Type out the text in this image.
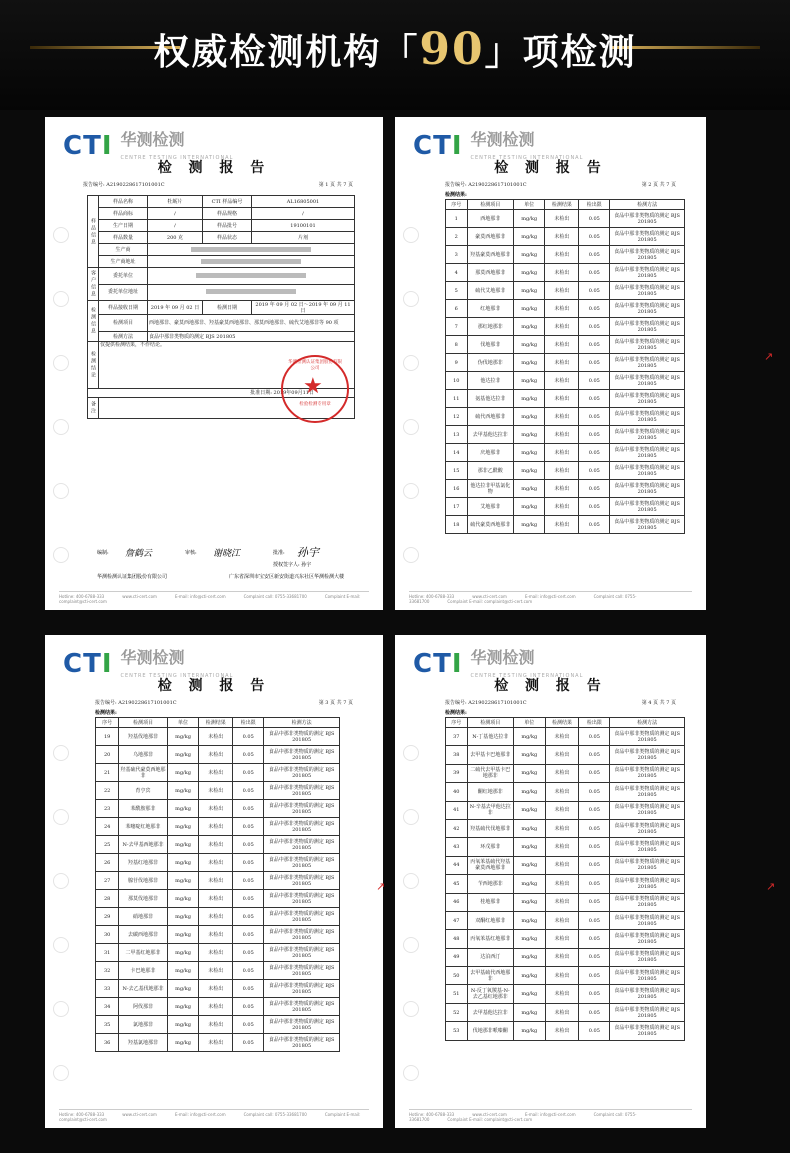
权威检测机构「90」项检测
CTI 华测检测
CENTRE TESTING INTERNATIONAL
检 测 报 告
报告编号: A2190228617101001C	第 1 页 共 7 页
样品信息	样品名称	牡蛎片	CTI 样品编号	AL16805001
	样品商标	/	样品规格	/
	生产日期	/	样品批号	19100101
	样品数量	200 克	样品状态	片剂
	生产商			
	生产商地址			
客户信息	委托单位			
	委托单位地址			
检测信息	样品接收日期	2019 年 09 月 02 日	检测日期	2019 年 09 月 02 日～2019 年 09 月 11 日
	检测项目	西地那非、豪莫西地那非、羟基豪莫西地那非、那莫西地那非、硫代艾地那非等 90 项		
	检测方法	食品中那非类物质的测定 BJS 201805		
检测结论	仅提供检测结果，不作结论。			
批准日期: 2019年09月11日				
备注				
华测检测认证集团股份有限公司
★
检验检测专用章
编制: 詹鹤云	审核: 谢晓江	批准: 孙宇
授权签字人: 孙宇
华测检测认证集团股份有限公司	广东省深圳市宝安区新安街道兴东社区华测检测大楼
Hotline: 400-6788-333	www.cti-cert.com	E-mail: info@cti-cert.com	Complaint call: 0755-33681700	Complaint E-mail: complaint@cti-cert.com
CTI 华测检测
CENTRE TESTING INTERNATIONAL
检 测 报 告
报告编号: A2190228617101001C	第 2 页 共 7 页
检测结果:
Hotline: 400-6788-333	www.cti-cert.com	E-mail: info@cti-cert.com	Complaint call: 0755-33681700	Complaint E-mail: complaint@cti-cert.com
序号	检测项目	单位	检测结果	检出限	检测方法
1	西地那非	mg/kg	未检出	0.05	食品中那非类物质的测定 BJS 201805
2	豪莫西地那非	mg/kg	未检出	0.05	食品中那非类物质的测定 BJS 201805
3	羟基豪莫西地那非	mg/kg	未检出	0.05	食品中那非类物质的测定 BJS 201805
4	那莫西地那非	mg/kg	未检出	0.05	食品中那非类物质的测定 BJS 201805
5	硫代艾地那非	mg/kg	未检出	0.05	食品中那非类物质的测定 BJS 201805
6	红地那非	mg/kg	未检出	0.05	食品中那非类物质的测定 BJS 201805
7	那红地那非	mg/kg	未检出	0.05	食品中那非类物质的测定 BJS 201805
8	伐地那非	mg/kg	未检出	0.05	食品中那非类物质的测定 BJS 201805
9	伪伐地那非	mg/kg	未检出	0.05	食品中那非类物质的测定 BJS 201805
10	他达拉非	mg/kg	未检出	0.05	食品中那非类物质的测定 BJS 201805
11	氨基他达拉非	mg/kg	未检出	0.05	食品中那非类物质的测定 BJS 201805
12	硫代西地那非	mg/kg	未检出	0.05	食品中那非类物质的测定 BJS 201805
13	去甲基他达拉非	mg/kg	未检出	0.05	食品中那非类物质的测定 BJS 201805
14	庆地那非	mg/kg	未检出	0.05	食品中那非类物质的测定 BJS 201805
15	那非乙酰酸	mg/kg	未检出	0.05	食品中那非类物质的测定 BJS 201805
16	他达拉非甲基氯化物	mg/kg	未检出	0.05	食品中那非类物质的测定 BJS 201805
17	艾地那非	mg/kg	未检出	0.05	食品中那非类物质的测定 BJS 201805
18	硫代豪莫西地那非	mg/kg	未检出	0.05	食品中那非类物质的测定 BJS 201805
CTI 华测检测
CENTRE TESTING INTERNATIONAL
检 测 报 告
报告编号: A2190228617101001C	第 3 页 共 7 页
检测结果:
Hotline: 400-6788-333	www.cti-cert.com	E-mail: info@cti-cert.com	Complaint call: 0755-33681700	Complaint E-mail: complaint@cti-cert.com
序号	检测项目	单位	检测结果	检出限	检测方法
19	羟基伐地那非	mg/kg	未检出	0.05	食品中那非类物质的测定 BJS 201805
20	乌地那非	mg/kg	未检出	0.05	食品中那非类物质的测定 BJS 201805
21	羟基硫代豪莫西地那非	mg/kg	未检出	0.05	食品中那非类物质的测定 BJS 201805
22	育亨宾	mg/kg	未检出	0.05	食品中那非类物质的测定 BJS 201805
23	苯酰胺那非	mg/kg	未检出	0.05	食品中那非类物质的测定 BJS 201805
24	苯噻啶红地那非	mg/kg	未检出	0.05	食品中那非类物质的测定 BJS 201805
25	N-去甲基西地那非	mg/kg	未检出	0.05	食品中那非类物质的测定 BJS 201805
26	羟基红地那非	mg/kg	未检出	0.05	食品中那非类物质的测定 BJS 201805
27	腺苷伐地那非	mg/kg	未检出	0.05	食品中那非类物质的测定 BJS 201805
28	那莫伐地那非	mg/kg	未检出	0.05	食品中那非类物质的测定 BJS 201805
29	硝地那非	mg/kg	未检出	0.05	食品中那非类物质的测定 BJS 201805
30	去碳西地那非	mg/kg	未检出	0.05	食品中那非类物质的测定 BJS 201805
31	二甲基红地那非	mg/kg	未检出	0.05	食品中那非类物质的测定 BJS 201805
32	卡巴地那非	mg/kg	未检出	0.05	食品中那非类物质的测定 BJS 201805
33	N-去乙基伐地那非	mg/kg	未检出	0.05	食品中那非类物质的测定 BJS 201805
34	阿伐那非	mg/kg	未检出	0.05	食品中那非类物质的测定 BJS 201805
35	氯地那非	mg/kg	未检出	0.05	食品中那非类物质的测定 BJS 201805
36	羟基氯地那非	mg/kg	未检出	0.05	食品中那非类物质的测定 BJS 201805
CTI 华测检测
CENTRE TESTING INTERNATIONAL
检 测 报 告
报告编号: A2190228617101001C	第 4 页 共 7 页
检测结果:
Hotline: 400-6788-333	www.cti-cert.com	E-mail: info@cti-cert.com	Complaint call: 0755-33681700	Complaint E-mail: complaint@cti-cert.com
序号	检测项目	单位	检测结果	检出限	检测方法
37	N-丁基他达拉非	mg/kg	未检出	0.05	食品中那非类物质的测定 BJS 201805
38	去甲基卡巴地那非	mg/kg	未检出	0.05	食品中那非类物质的测定 BJS 201805
39	二硫代去甲基卡巴地那非	mg/kg	未检出	0.05	食品中那非类物质的测定 BJS 201805
40	酮红地那非	mg/kg	未检出	0.05	食品中那非类物质的测定 BJS 201805
41	N-辛基去甲他达拉非	mg/kg	未检出	0.05	食品中那非类物质的测定 BJS 201805
42	羟基硫代伐地那非	mg/kg	未检出	0.05	食品中那非类物质的测定 BJS 201805
43	环戊那非	mg/kg	未检出	0.05	食品中那非类物质的测定 BJS 201805
44	丙氧苯基硫代羟基豪莫西地那非	mg/kg	未检出	0.05	食品中那非类物质的测定 BJS 201805
45	苄西地那非	mg/kg	未检出	0.05	食品中那非类物质的测定 BJS 201805
46	桂地那非	mg/kg	未检出	0.05	食品中那非类物质的测定 BJS 201805
47	双酮红地那非	mg/kg	未检出	0.05	食品中那非类物质的测定 BJS 201805
48	丙氧苯基红地那非	mg/kg	未检出	0.05	食品中那非类物质的测定 BJS 201805
49	达泊西汀	mg/kg	未检出	0.05	食品中那非类物质的测定 BJS 201805
50	去甲基硫代西地那非	mg/kg	未检出	0.05	食品中那非类物质的测定 BJS 201805
51	N-反丁氧羰基-N-去乙基红地那非	mg/kg	未检出	0.05	食品中那非类物质的测定 BJS 201805
52	去甲基他达拉非	mg/kg	未检出	0.05	食品中那非类物质的测定 BJS 201805
53	伐地那非哌嗪酮	mg/kg	未检出	0.05	食品中那非类物质的测定 BJS 201805
↗
↗
↗
